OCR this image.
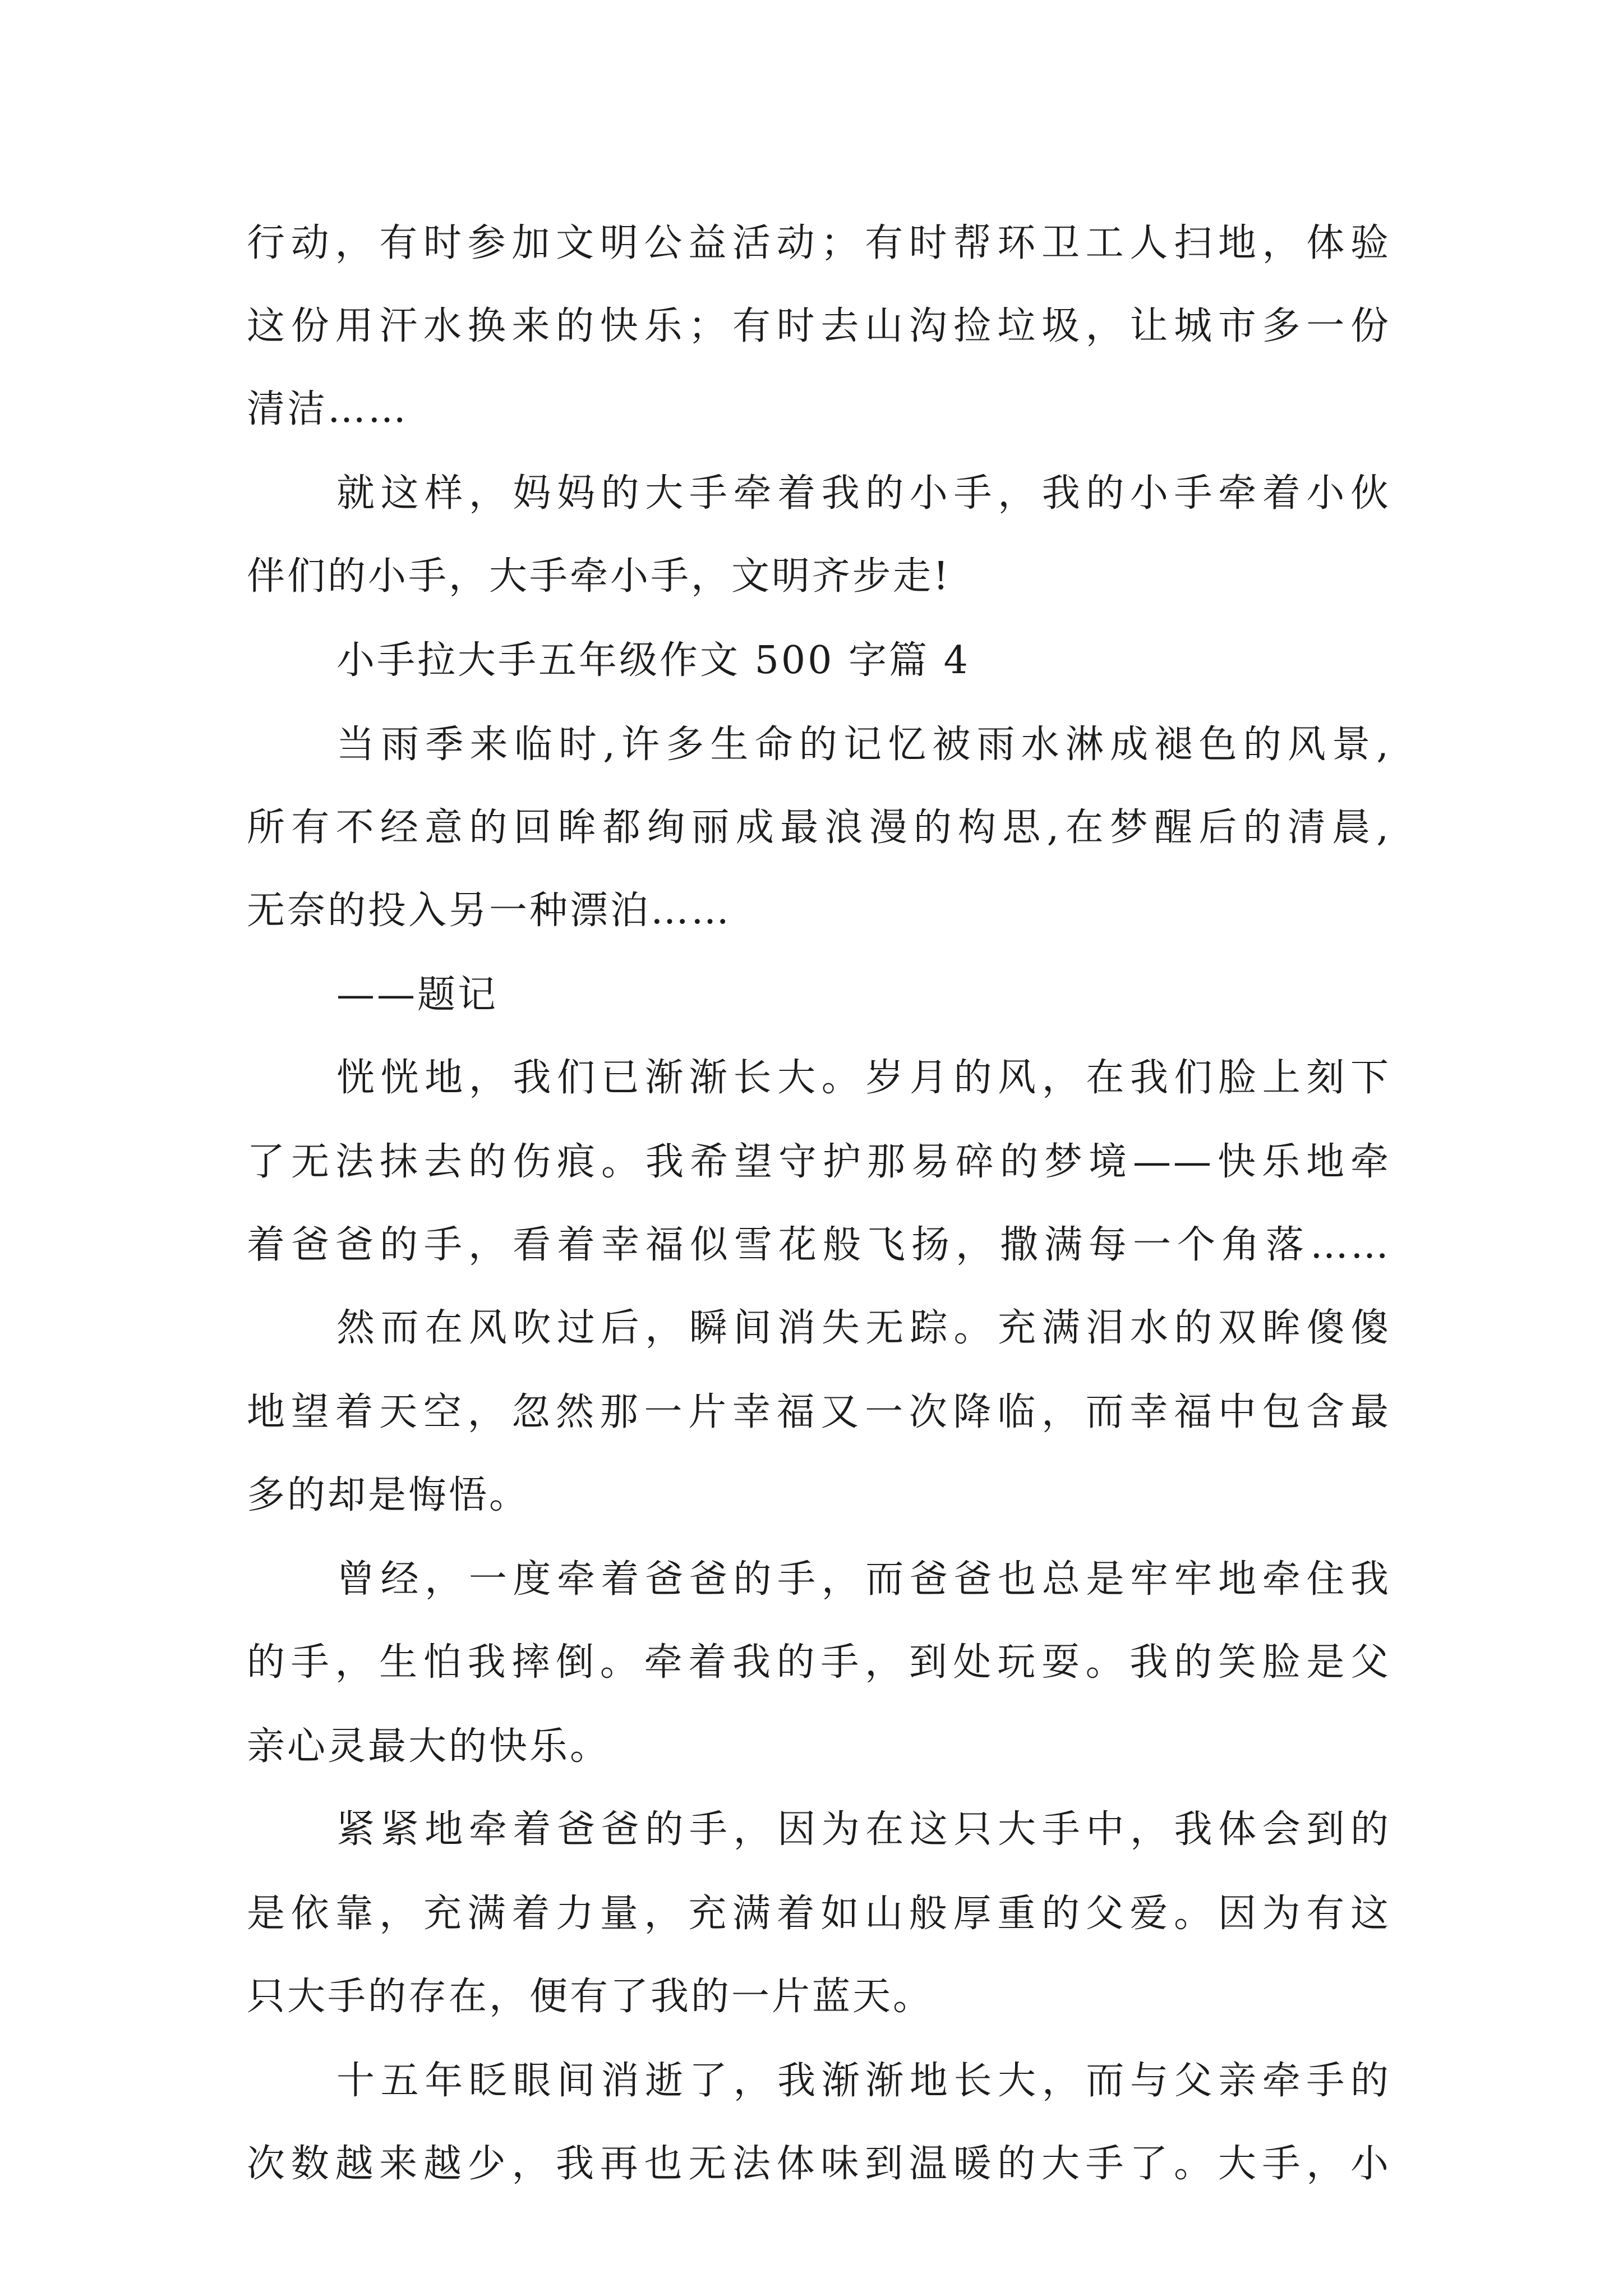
行动，有时参加文明公益活动；有时帮环卫工人扫地，体验
这份用汗水换来的快乐；有时去山沟捡垃圾，让城市多一份
清洁……
就这样，妈妈的大手牵着我的小手，我的小手牵着小伙
伴们的小手，大手牵小手，文明齐步走!
小手拉大手五年级作文 500 字篇 4
当雨季来临时,许多生命的记忆被雨水淋成褪色的风景,
所有不经意的回眸都绚丽成最浪漫的构思,在梦醒后的清晨,
无奈的投入另一种漂泊……
——题记
恍恍地，我们已渐渐长大。岁月的风，在我们脸上刻下
了无法抹去的伤痕。我希望守护那易碎的梦境——快乐地牵
着爸爸的手，看着幸福似雪花般飞扬，撒满每一个角落……
然而在风吹过后，瞬间消失无踪。充满泪水的双眸傻傻
地望着天空，忽然那一片幸福又一次降临，而幸福中包含最
多的却是悔悟。
曾经，一度牵着爸爸的手，而爸爸也总是牢牢地牵住我
的手，生怕我摔倒。牵着我的手，到处玩耍。我的笑脸是父
亲心灵最大的快乐。
紧紧地牵着爸爸的手，因为在这只大手中，我体会到的
是依靠，充满着力量，充满着如山般厚重的父爱。因为有这
只大手的存在，便有了我的一片蓝天。
十五年眨眼间消逝了，我渐渐地长大，而与父亲牵手的
次数越来越少，我再也无法体味到温暖的大手了。大手，小
